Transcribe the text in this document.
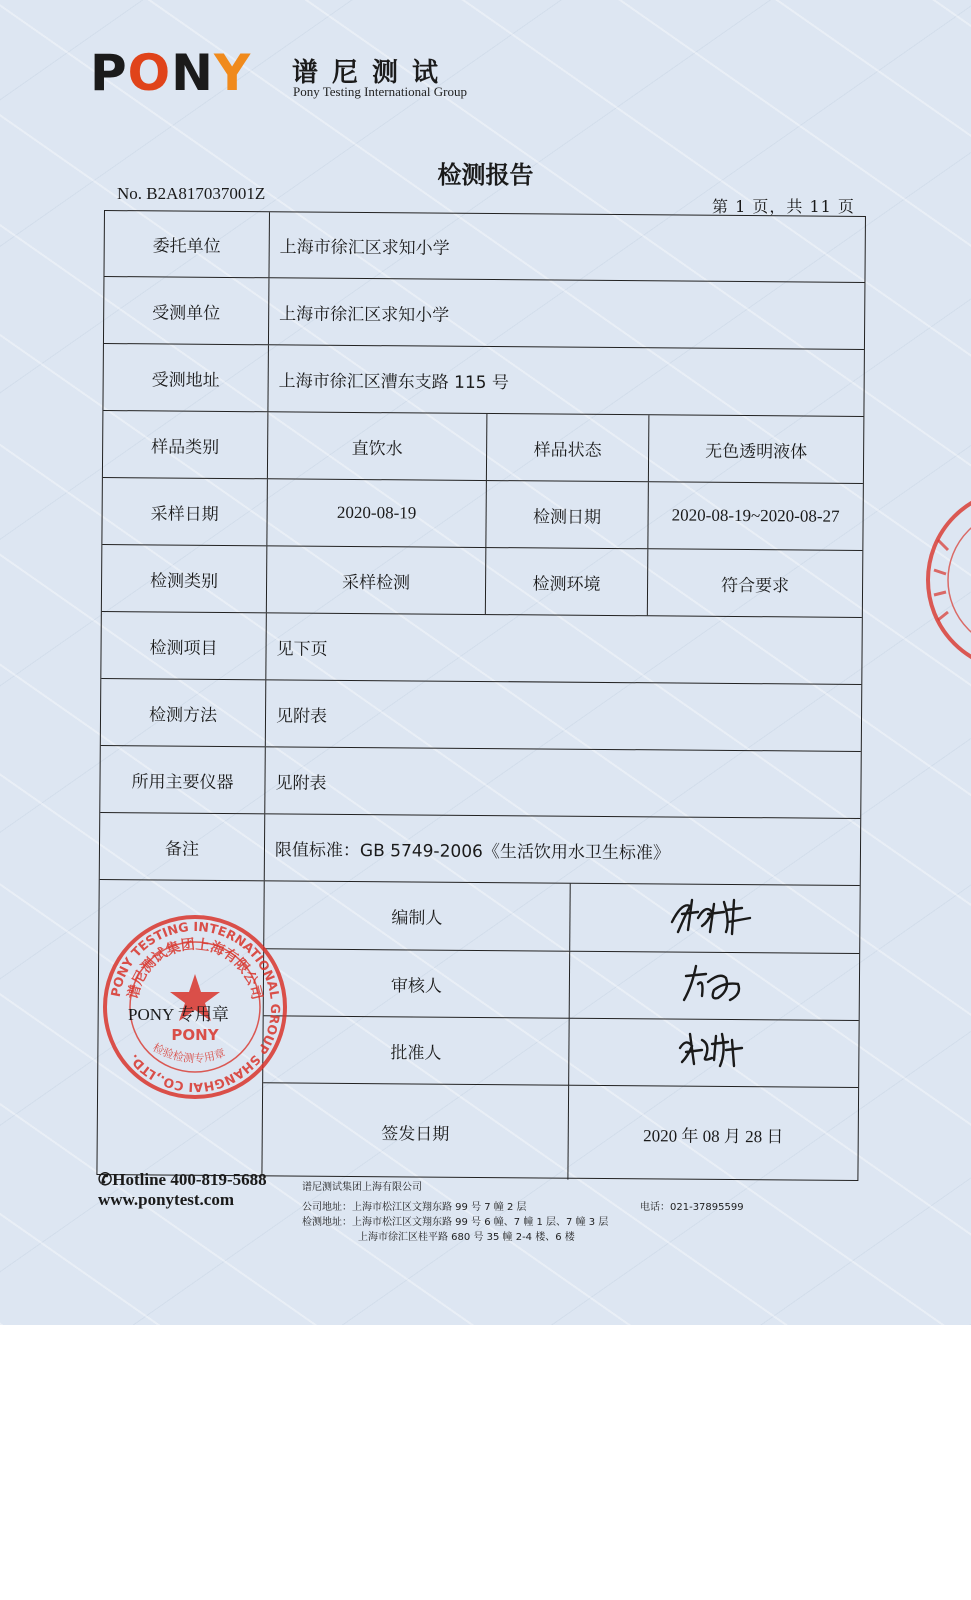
PONY 谱尼测试
Pony Testing International Group
检测报告
No. B2A817037001Z
第 1 页，共 11 页
委托单位	上海市徐汇区求知小学
受测单位	上海市徐汇区求知小学
受测地址	上海市徐汇区漕东支路 115 号
样品类别	直饮水	样品状态	无色透明液体
采样日期	2020-08-19	检测日期	2020-08-19~2020-08-27
检测类别	采样检测	检测环境	符合要求
检测项目	见下页
检测方法	见附表
所用主要仪器	见附表
备注	限值标准：GB 5749-2006《生活饮用水卫生标准》
编制人
审核人
批准人
签发日期	2020 年 08 月 28 日
PONY TESTING INTERNATIONAL GROUP SHANGHAI CO.,LTD.
谱尼测试集团上海有限公司
PONY
检验检测专用章
PONY 专用章
✆Hotline 400-819-5688
www.ponytest.com
谱尼测试集团上海有限公司
公司地址：上海市松江区文翔东路 99 号 7 幢 2 层	电话：021-37895599
检测地址：上海市松江区文翔东路 99 号 6 幢、7 幢 1 层、7 幢 3 层
上海市徐汇区桂平路 680 号 35 幢 2-4 楼、6 楼
